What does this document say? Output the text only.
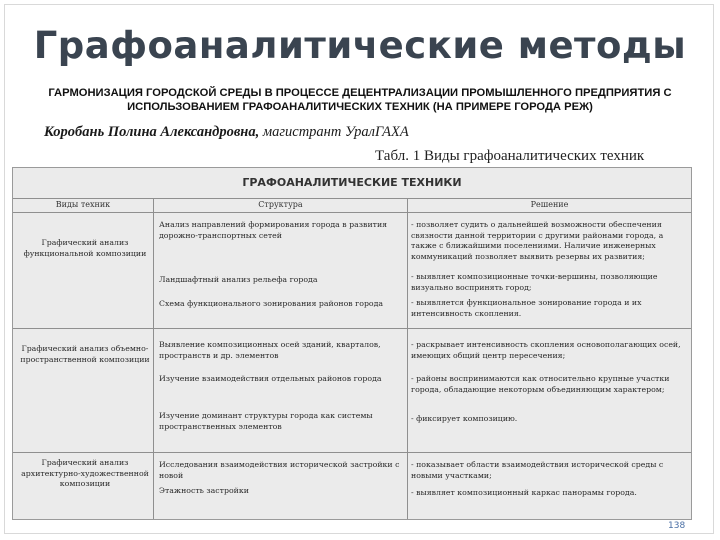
Графоаналитические методы
ГАРМОНИЗАЦИЯ ГОРОДСКОЙ СРЕДЫ В ПРОЦЕССЕ ДЕЦЕНТРАЛИЗАЦИИ ПРОМЫШЛЕННОГО ПРЕДПРИЯТИЯ С ИСПОЛЬЗОВАНИЕМ ГРАФОАНАЛИТИЧЕСКИХ ТЕХНИК (НА ПРИМЕРЕ ГОРОДА РЕЖ)
Коробань Полина Александровна, магистрант УралГАХА
Табл. 1 Виды графоаналитических техник
ГРАФОАНАЛИТИЧЕСКИЕ ТЕХНИКИ
Виды техник	Структура	Решение
Графический анализ функциональной композиции
Анализ направлений формирования города в развития дорожно-транспортных сетей
Ландшафтный анализ рельефа города
Схема функционального зонирования районов города
- позволяет судить о дальнейшей возможности обеспечения связности данной территории с другими районами города, а также с ближайшими поселениями. Наличие инженерных коммуникаций позволяет выявить резервы их развития;
- выявляет композиционные точки-вершины, позволяющие визуально воспринять город;
- выявляется функциональное зонирование города и их интенсивность скопления.
Графический анализ объемно-пространственной композиции
Выявление композиционных осей зданий, кварталов, пространств и др. элементов
Изучение взаимодействия отдельных районов города
Изучение доминант структуры города как системы пространственных элементов
- раскрывает интенсивность скопления основополагающих осей, имеющих общий центр пересечения;
- районы воспринимаются как относительно крупные участки города, обладающие некоторым объединяющим характером;
- фиксирует композицию.
Графический анализ архитектурно-художественной композиции
Исследования взаимодействия исторической застройки с новой
Этажность застройки
- показывает области взаимодействия исторической среды с новыми участками;
- выявляет композиционный каркас панорамы города.
138
